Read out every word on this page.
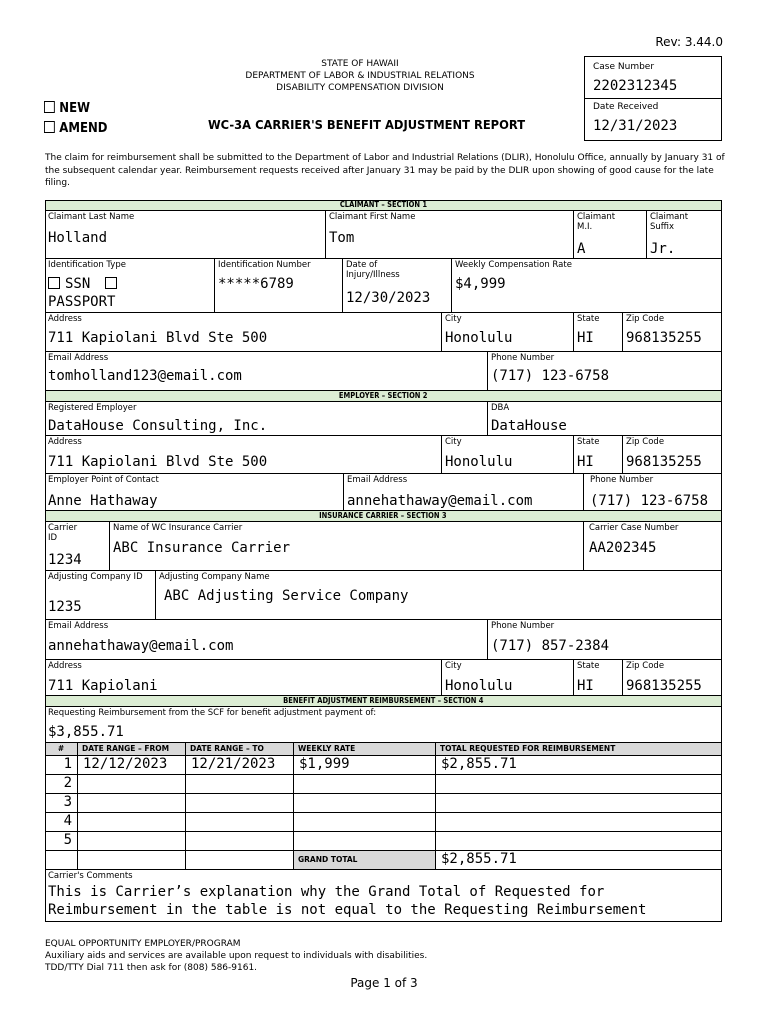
Rev: 3.44.0
STATE OF HAWAII
DEPARTMENT OF LABOR & INDUSTRIAL RELATIONS
DISABILITY COMPENSATION DIVISION
NEW
AMEND	WC-3A CARRIER'S BENEFIT ADJUSTMENT REPORT
Case Number
2202312345
Date Received
12/31/2023
The claim for reimbursement shall be submitted to the Department of Labor and Industrial Relations (DLIR), Honolulu Office, annually by January 31 of the subsequent calendar year. Reimbursement requests received after January 31 may be paid by the DLIR upon showing of good cause for the late filing.
CLAIMANT – SECTION 1
Claimant Last Name
Holland
Claimant First Name
Tom
Claimant M.I.
A
Claimant Suffix
Jr.
Identification Type
SSN
PASSPORT
Identification Number
*****6789
Date of Injury/Illness
12/30/2023
Weekly Compensation Rate
$4,999
Address
711 Kapiolani Blvd Ste 500
City
Honolulu
State
HI
Zip Code
968135255
Email Address
tomholland123@email.com
Phone Number
(717) 123-6758
EMPLOYER – SECTION 2
Registered Employer
DataHouse Consulting, Inc.
DBA
DataHouse
Address
711 Kapiolani Blvd Ste 500
City
Honolulu
State
HI
Zip Code
968135255
Employer Point of Contact
Anne Hathaway
Email Address
annehathaway@email.com
Phone Number
(717) 123-6758
INSURANCE CARRIER – SECTION 3
Carrier ID
1234
Name of WC Insurance Carrier
ABC Insurance Carrier
Carrier Case Number
AA202345
Adjusting Company ID
1235
Adjusting Company Name
ABC Adjusting Service Company
Email Address
annehathaway@email.com
Phone Number
(717) 857-2384
Address
711 Kapiolani
City
Honolulu
State
HI
Zip Code
968135255
BENEFIT ADJUSTMENT REIMBURSEMENT – SECTION 4
Requesting Reimbursement from the SCF for benefit adjustment payment of:
$3,855.71
#	DATE RANGE – FROM	DATE RANGE – TO	WEEKLY RATE	TOTAL REQUESTED FOR REIMBURSEMENT
1 12/12/2023	12/21/2023	$1,999	$2,855.71
2
3
4
5
GRAND TOTAL	$2,855.71
Carrier's Comments
This is Carrier’s explanation why the Grand Total of Requested for
Reimbursement in the table is not equal to the Requesting Reimbursement
EQUAL OPPORTUNITY EMPLOYER/PROGRAM
Auxiliary aids and services are available upon request to individuals with disabilities.
TDD/TTY Dial 711 then ask for (808) 586-9161.
Page 1 of 3
